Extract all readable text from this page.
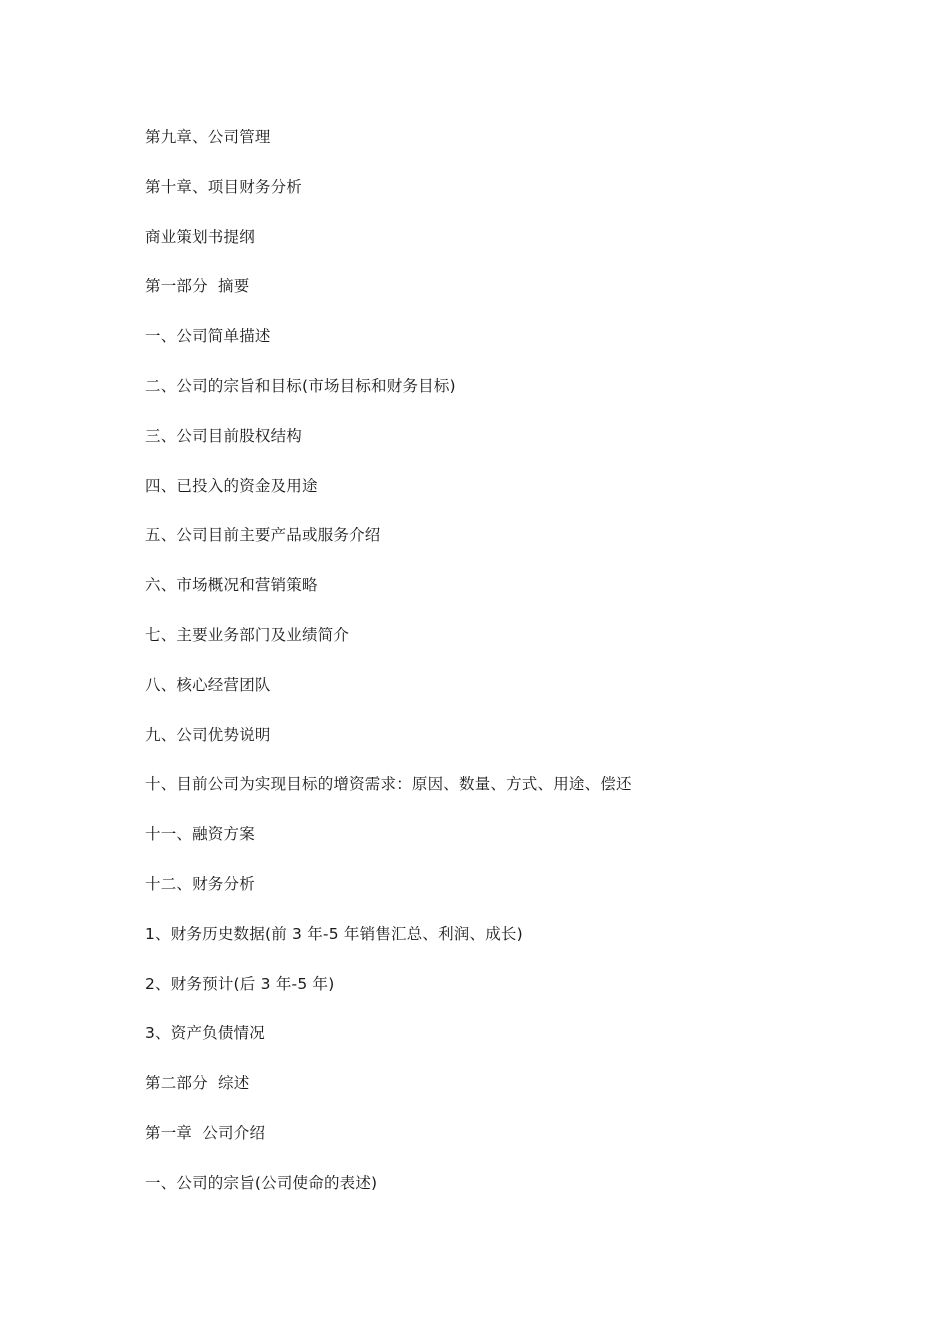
第九章、公司管理
第十章、项目财务分析
商业策划书提纲
第一部分  摘要
一、公司简单描述
二、公司的宗旨和目标(市场目标和财务目标)
三、公司目前股权结构
四、已投入的资金及用途
五、公司目前主要产品或服务介绍
六、市场概况和营销策略
七、主要业务部门及业绩简介
八、核心经营团队
九、公司优势说明
十、目前公司为实现目标的增资需求：原因、数量、方式、用途、偿还
十一、融资方案
十二、财务分析
1、财务历史数据(前 3 年-5 年销售汇总、利润、成长)
2、财务预计(后 3 年-5 年)
3、资产负债情况
第二部分  综述
第一章  公司介绍
一、公司的宗旨(公司使命的表述)
